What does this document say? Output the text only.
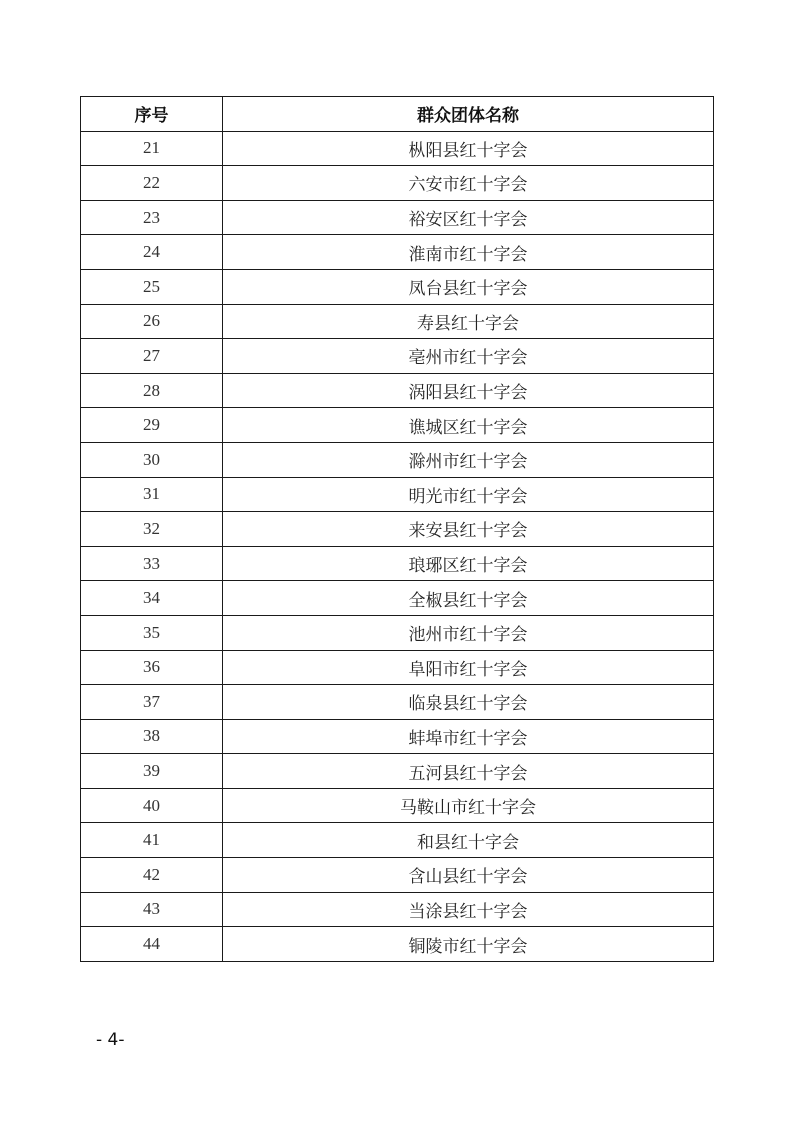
序号	群众团体名称
21	枞阳县红十字会
22	六安市红十字会
23	裕安区红十字会
24	淮南市红十字会
25	凤台县红十字会
26	寿县红十字会
27	亳州市红十字会
28	涡阳县红十字会
29	谯城区红十字会
30	滁州市红十字会
31	明光市红十字会
32	来安县红十字会
33	琅琊区红十字会
34	全椒县红十字会
35	池州市红十字会
36	阜阳市红十字会
37	临泉县红十字会
38	蚌埠市红十字会
39	五河县红十字会
40	马鞍山市红十字会
41	和县红十字会
42	含山县红十字会
43	当涂县红十字会
44	铜陵市红十字会
- 4-
